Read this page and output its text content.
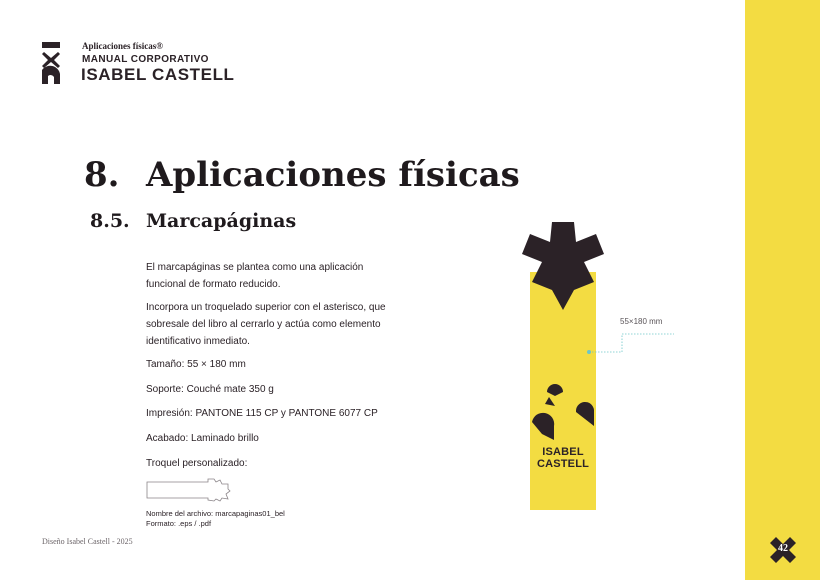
Aplicaciones físicas®
MANUAL CORPORATIVO
ISABEL CASTELL
8. Aplicaciones físicas
8.5. Marcapáginas
El marcapáginas se plantea como una aplicación funcional de formato reducido.
Incorpora un troquelado superior con el asterisco, que sobresale del libro al cerrarlo y actúa como elemento identificativo inmediato.
Tamaño: 55 × 180 mm
Soporte: Couché mate 350 g
Impresión: PANTONE 115 CP y PANTONE 6077 CP
Acabado: Laminado brillo
Troquel personalizado:
Nombre del archivo: marcapaginas01_bel
Formato: .eps / .pdf
ISABEL
CASTELL
55×180 mm
Diseño Isabel Castell - 2025
42
